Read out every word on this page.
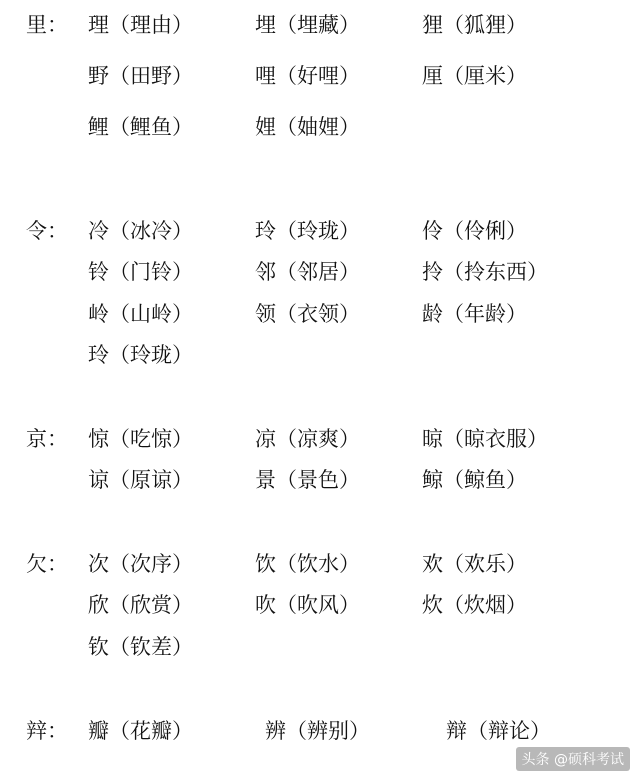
里： 理（理由）	埋（埋藏）	狸（狐狸）
野（田野）	哩（好哩）	厘（厘米）
鲤（鲤鱼）	娌（妯娌）
令： 冷（冰冷）	玲（玲珑）	伶（伶俐）
铃（门铃）	邻（邻居）	拎（拎东西）
岭（山岭）	领（衣领）	龄（年龄）
玲（玲珑）
京： 惊（吃惊）	凉（凉爽）	晾（晾衣服）
谅（原谅）	景（景色）	鲸（鲸鱼）
欠： 次（次序）	饮（饮水）	欢（欢乐）
欣（欣赏）	吹（吹风）	炊（炊烟）
钦（钦差）
辡： 瓣（花瓣）	辨（辨别）	辩（辩论）
头条 @硕科考试
